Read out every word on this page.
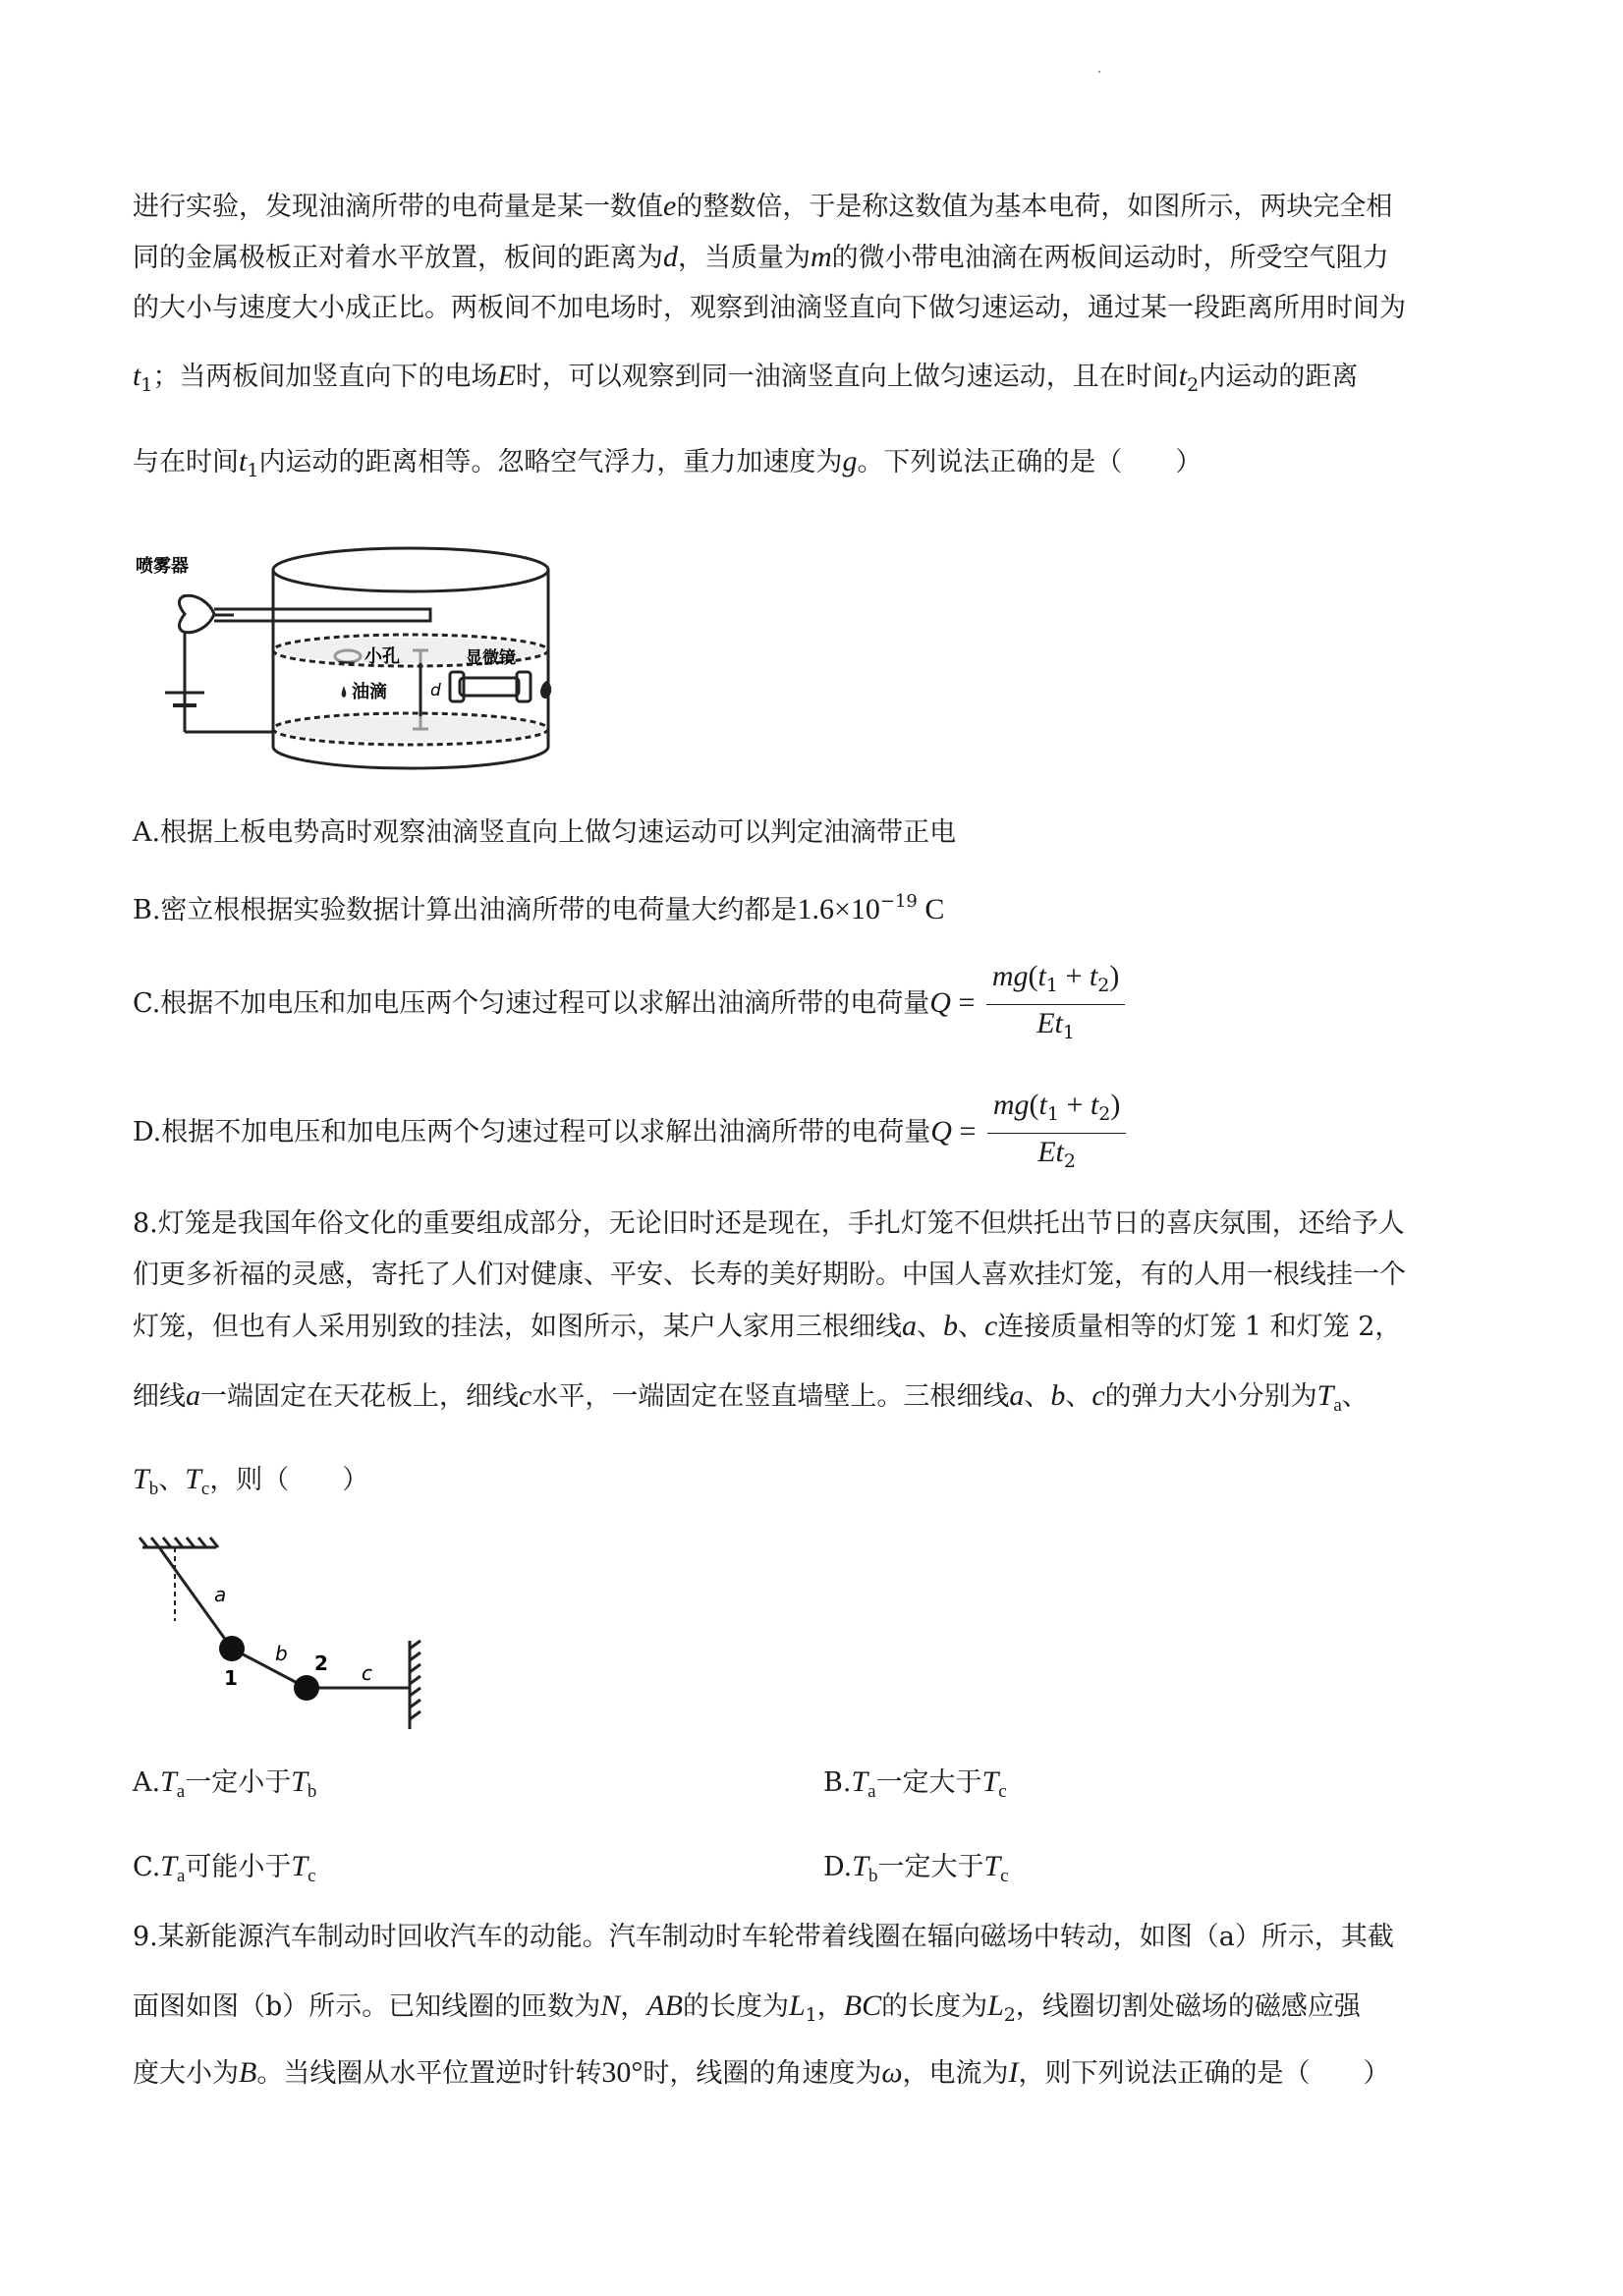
进行实验，发现油滴所带的电荷量是某一数值e的整数倍，于是称这数值为基本电荷，如图所示，两块完全相
同的金属极板正对着水平放置，板间的距离为d，当质量为m的微小带电油滴在两板间运动时，所受空气阻力
的大小与速度大小成正比。两板间不加电场时，观察到油滴竖直向下做匀速运动，通过某一段距离所用时间为
$t_1$；当两板间加竖直向下的电场E时，可以观察到同一油滴竖直向上做匀速运动，且在时间$t_2$内运动的距离
与在时间$t_1$内运动的距离相等。忽略空气浮力，重力加速度为g。下列说法正确的是（　　）
喷雾器
小孔
油滴	d
显微镜
A.根据上板电势高时观察油滴竖直向上做匀速运动可以判定油滴带正电
B.密立根根据实验数据计算出油滴所带的电荷量大约都是$1.6\times 10^{-19}$ C
C.根据不加电压和加电压两个匀速过程可以求解出油滴所带的电荷量$Q = \frac{mg(t_1 + t_2)}{Et_1}$
D.根据不加电压和加电压两个匀速过程可以求解出油滴所带的电荷量$Q = \frac{mg(t_1 + t_2)}{Et_2}$
8.灯笼是我国年俗文化的重要组成部分，无论旧时还是现在，手扎灯笼不但烘托出节日的喜庆氛围，还给予人
们更多祈福的灵感，寄托了人们对健康、平安、长寿的美好期盼。中国人喜欢挂灯笼，有的人用一根线挂一个
灯笼，但也有人采用别致的挂法，如图所示，某户人家用三根细线a、b、c连接质量相等的灯笼 1 和灯笼 2，
细线a一端固定在天花板上，细线c水平，一端固定在竖直墙壁上。三根细线a、b、c的弹力大小分别为$T_a$、
$T_b$、$T_c$，则（　　）
a
b
c
1
2
$A.T_a$一定小于$T_b$	$B.T_a$一定大于$T_c$
$C.T_a$可能小于$T_c$	$D.T_b$一定大于$T_c$
9.某新能源汽车制动时回收汽车的动能。汽车制动时车轮带着线圈在辐向磁场中转动，如图（a）所示，其截
面图如图（b）所示。已知线圈的匝数为N，AB的长度为$L_1$，BC的长度为$L_2$，线圈切割处磁场的磁感应强
度大小为B。当线圈从水平位置逆时针转30°时，线圈的角速度为ω，电流为I，则下列说法正确的是（　　）
